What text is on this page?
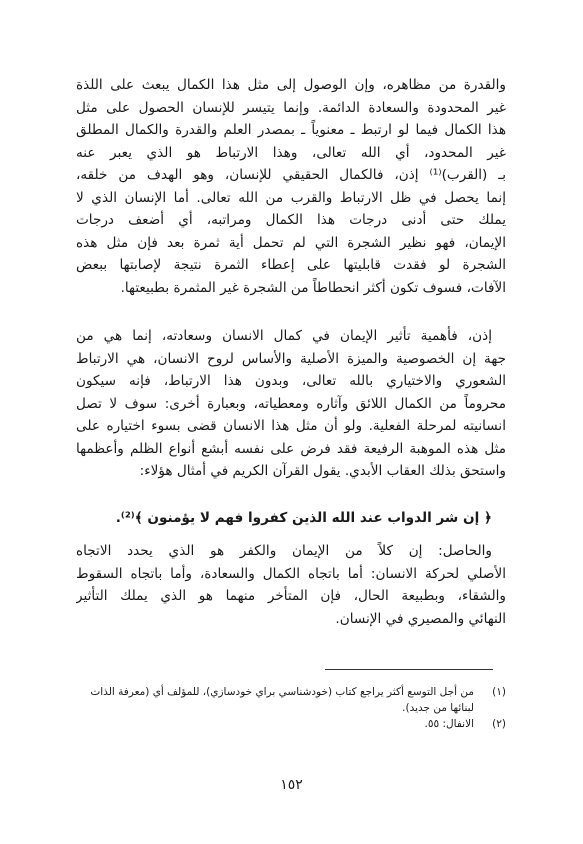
والقدرة من مظاهره، وإن الوصول إلى مثل هذا الكمال يبعث على اللذة
غير المحدودة والسعادة الدائمة. وإنما يتيسر للإنسان الحصول على مثل
هذا الكمال فيما لو ارتبط ـ معنوياً ـ بمصدر العلم والقدرة والكمال المطلق
غير المحدود، أي الله تعالى، وهذا الارتباط هو الذي يعبر عنه
بـ (القرب)⁽¹⁾ إذن، فالكمال الحقيقي للإنسان، وهو الهدف من خلقه،
إنما يحصل في ظل الارتباط والقرب من الله تعالى. أما الإنسان الذي لا
يملك حتى أدنى درجات هذا الكمال ومراتبه، أي أضعف درجات
الإيمان، فهو نظير الشجرة التي لم تحمل أية ثمرة بعد فإن مثل هذه
الشجرة لو فقدت قابليتها على إعطاء الثمرة نتيجة لإصابتها ببعض
الآفات، فسوف تكون أكثر انحطاطاً من الشجرة غير المثمرة بطبيعتها.
إذن، فأهمية تأثير الإيمان في كمال الانسان وسعادته، إنما هي من
جهة إن الخصوصية والميزة الأصلية والأساس لروح الانسان، هي الارتباط
الشعوري والاختياري بالله تعالى، وبدون هذا الارتباط، فإنه سيكون
محروماً من الكمال اللائق وآثاره ومعطياته، وبعبارة أخرى: سوف لا تصل
انسانيته لمرحلة الفعلية. ولو أن مثل هذا الانسان قضى بسوء اختياره على
مثل هذه الموهبة الرفيعة فقد فرض على نفسه أبشع أنواع الظلم وأعظمها
واستحق بذلك العقاب الأبدي. يقول القرآن الكريم في أمثال هؤلاء:
﴿ إن شر الدواب عند الله الذين كفروا فهم لا يؤمنون ﴾⁽²⁾.
والحاصل: إن كلاً من الإيمان والكفر هو الذي يحدد الاتجاه
الأصلي لحركة الانسان: أما باتجاه الكمال والسعادة، وأما باتجاه السقوط
والشقاء، وبطبيعة الحال، فإن المتأخر منهما هو الذي يملك التأثير
النهائي والمصيري في الإنسان.
(١)
من أجل التوسع أكثر يراجع كتاب (خودشناسي براي خودسازي)، للمؤلف أي (معرفة الذات
لبنائها من جديد).
(٢)
الانفال: ٥٥.
١٥٢
